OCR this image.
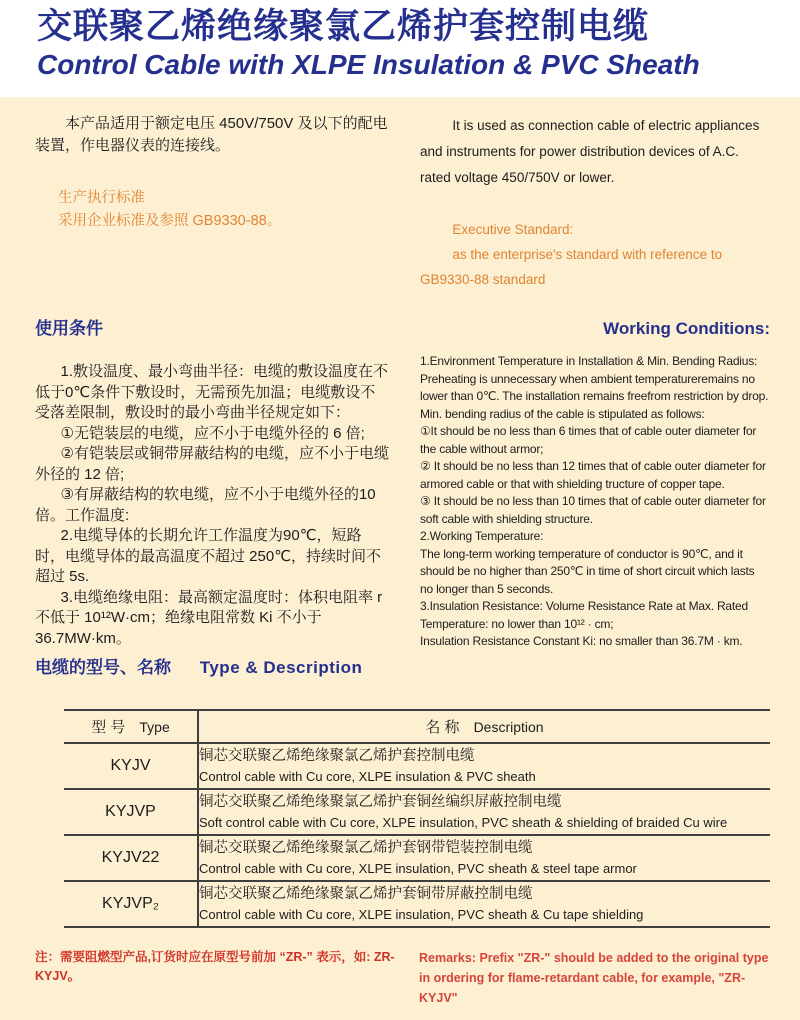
交联聚乙烯绝缘聚氯乙烯护套控制电缆
Control Cable with XLPE Insulation & PVC Sheath

本产品适用于额定电压 450V/750V 及以下的配电装置，作电器仪表的连接线。

生产执行标准

采用企业标准及参照 GB9330-88。

It is used as connection cable of electric appliances and instruments for power distribution devices of A.C. rated voltage 450/750V or lower.

Executive Standard:

as the enterprise's standard with reference to GB9330-88 standard

使用条件

1.敷设温度、最小弯曲半径：电缆的敷设温度在不低于0℃条件下敷设时，无需预先加温；电缆敷设不受落差限制，敷设时的最小弯曲半径规定如下：

①无铠装层的电缆，应不小于电缆外径的 6 倍;

②有铠装层或铜带屏蔽结构的电缆，应不小于电缆外径的 12 倍;

③有屏蔽结构的软电缆，应不小于电缆外径的10倍。工作温度:

2.电缆导体的长期允许工作温度为90℃，短路时，电缆导体的最高温度不超过 250℃，持续时间不超过 5s.

3.电缆绝缘电阻：最高额定温度时：体积电阻率 r 不低于 10¹²W·cm；绝缘电阻常数 Ki 不小于 36.7MW·km。

Working Conditions:

1.Environment Temperature in Installation & Min. Bending Radius: Preheating is unnecessary when ambient temperatureremains no lower than 0℃. The installation remains freefrom restriction by drop. Min. bending radius of the cable is stipulated as follows:

①It should be no less than 6 times that of cable outer diameter for the cable without armor;

② It should be no less than 12 times that of cable outer diameter for armored cable or that with shielding tructure of copper tape.

③ It should be no less than 10 times that of cable outer diameter for soft cable with shielding structure.

2.Working Temperature:

The long-term working temperature of conductor is 90℃, and it should be no higher than 250℃ in time of short circuit which lasts no longer than 5 seconds.

3.Insulation Resistance: Volume Resistance Rate at Max. Rated Temperature: no lower than 10¹² · cm;

Insulation Resistance Constant Ki: no smaller than 36.7M · km.

电缆的型号、名称 Type & Description
型 号 Type	名 称 Description
KYJV	铜芯交联聚乙烯绝缘聚氯乙烯护套控制电缆

Control cable with Cu core, XLPE insulation & PVC sheath

KYJVP	铜芯交联聚乙烯绝缘聚氯乙烯护套铜丝编织屏蔽控制电缆

Soft control cable with Cu core, XLPE insulation, PVC sheath & shielding of braided Cu wire

KYJV22	铜芯交联聚乙烯绝缘聚氯乙烯护套钢带铠装控制电缆

Control cable with Cu core, XLPE insulation, PVC sheath & steel tape armor

KYJVP₂	铜芯交联聚乙烯绝缘聚氯乙烯护套铜带屏蔽控制电缆

Control cable with Cu core, XLPE insulation, PVC sheath & Cu tape shielding

注：需要阻燃型产品,订货时应在原型号前加 “ZR-” 表示，如: ZR-KYJV。

Remarks: Prefix "ZR-" should be added to the original type in ordering for flame-retardant cable, for example, "ZR-KYJV"
